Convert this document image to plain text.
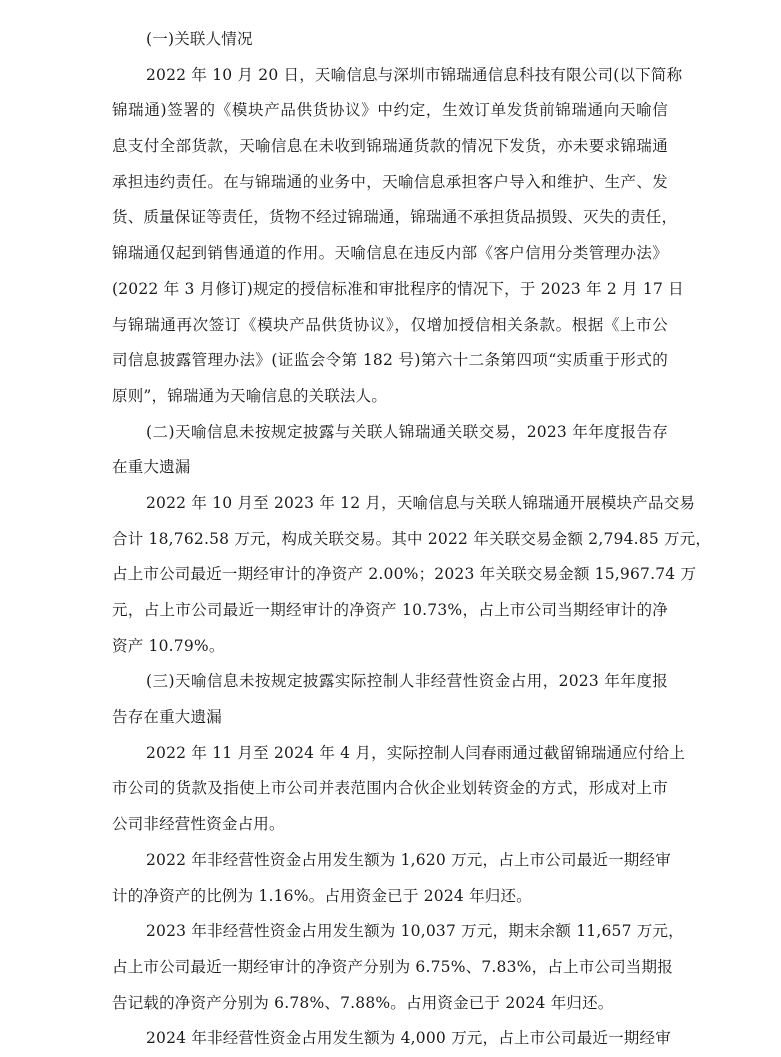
(一)关联人情况
2022 年 10 月 20 日，天喻信息与深圳市锦瑞通信息科技有限公司(以下简称
锦瑞通)签署的《模块产品供货协议》中约定，生效订单发货前锦瑞通向天喻信
息支付全部货款，天喻信息在未收到锦瑞通货款的情况下发货，亦未要求锦瑞通
承担违约责任。在与锦瑞通的业务中，天喻信息承担客户导入和维护、生产、发
货、质量保证等责任，货物不经过锦瑞通，锦瑞通不承担货品损毁、灭失的责任，
锦瑞通仅起到销售通道的作用。天喻信息在违反内部《客户信用分类管理办法》
(2022 年 3 月修订)规定的授信标准和审批程序的情况下，于 2023 年 2 月 17 日
与锦瑞通再次签订《模块产品供货协议》，仅增加授信相关条款。根据《上市公
司信息披露管理办法》(证监会令第 182 号)第六十二条第四项“实质重于形式的
原则”，锦瑞通为天喻信息的关联法人。
(二)天喻信息未按规定披露与关联人锦瑞通关联交易，2023 年年度报告存
在重大遗漏
2022 年 10 月至 2023 年 12 月，天喻信息与关联人锦瑞通开展模块产品交易
合计 18,762.58 万元，构成关联交易。其中 2022 年关联交易金额 2,794.85 万元，
占上市公司最近一期经审计的净资产 2.00%；2023 年关联交易金额 15,967.74 万
元，占上市公司最近一期经审计的净资产 10.73%，占上市公司当期经审计的净
资产 10.79%。
(三)天喻信息未按规定披露实际控制人非经营性资金占用，2023 年年度报
告存在重大遗漏
2022 年 11 月至 2024 年 4 月，实际控制人闫春雨通过截留锦瑞通应付给上
市公司的货款及指使上市公司并表范围内合伙企业划转资金的方式，形成对上市
公司非经营性资金占用。
2022 年非经营性资金占用发生额为 1,620 万元，占上市公司最近一期经审
计的净资产的比例为 1.16%。占用资金已于 2024 年归还。
2023 年非经营性资金占用发生额为 10,037 万元，期末余额 11,657 万元，
占上市公司最近一期经审计的净资产分别为 6.75%、7.83%，占上市公司当期报
告记载的净资产分别为 6.78%、7.88%。占用资金已于 2024 年归还。
2024 年非经营性资金占用发生额为 4,000 万元，占上市公司最近一期经审
